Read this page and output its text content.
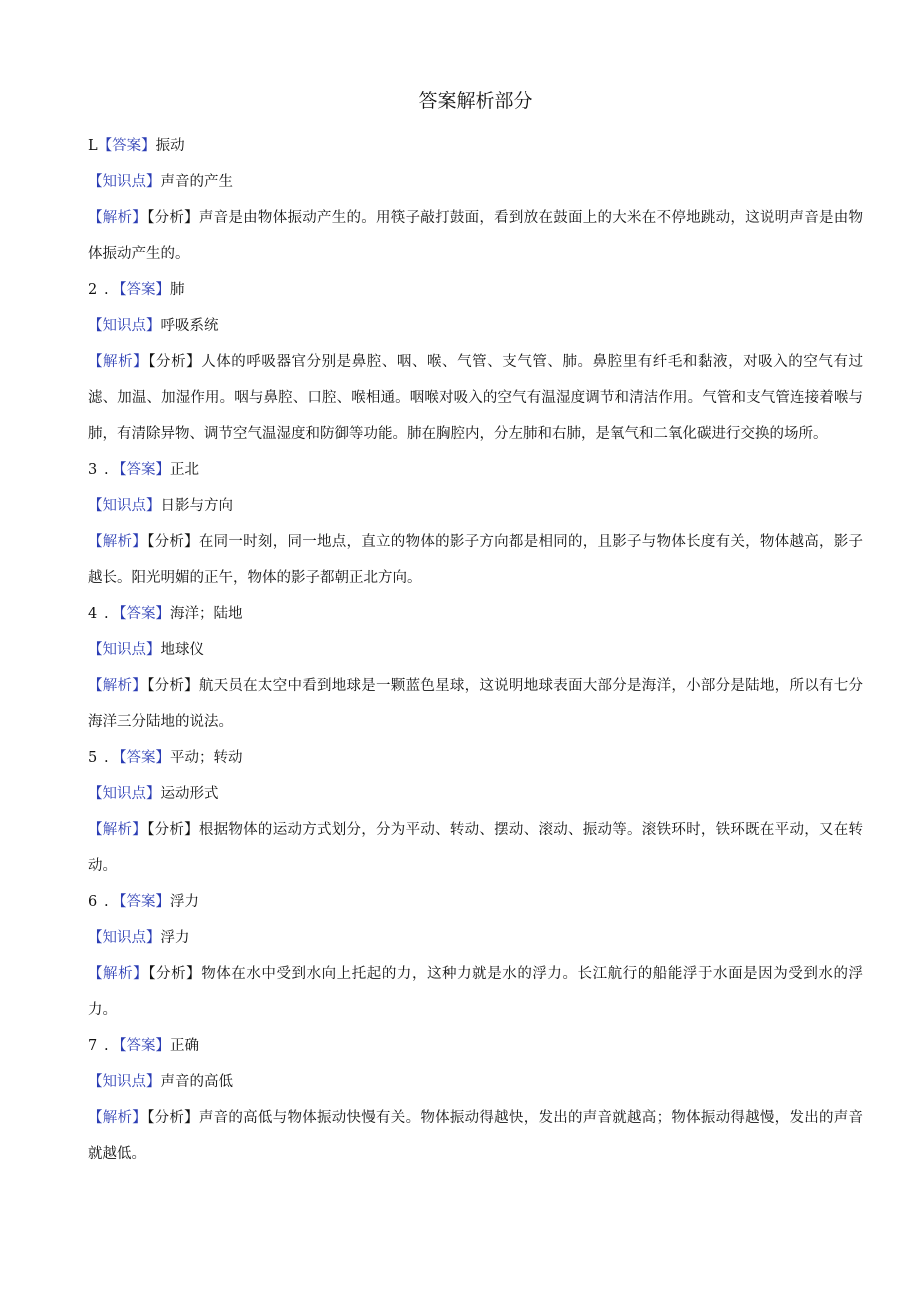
答案解析部分
L【答案】振动
【知识点】声音的产生
【解析】【分析】声音是由物体振动产生的。用筷子敲打鼓面，看到放在鼓面上的大米在不停地跳动，这说明声音是由物体振动产生的。
2 . 【答案】肺
【知识点】呼吸系统
【解析】【分析】人体的呼吸器官分别是鼻腔、咽、喉、气管、支气管、肺。鼻腔里有纤毛和黏液，对吸入的空气有过滤、加温、加湿作用。咽与鼻腔、口腔、喉相通。咽喉对吸入的空气有温湿度调节和清洁作用。气管和支气管连接着喉与肺，有清除异物、调节空气温湿度和防御等功能。肺在胸腔内，分左肺和右肺，是氧气和二氧化碳进行交换的场所。
3 . 【答案】正北
【知识点】日影与方向
【解析】【分析】在同一时刻，同一地点，直立的物体的影子方向都是相同的，且影子与物体长度有关，物体越高，影子越长。阳光明媚的正午，物体的影子都朝正北方向。
4 . 【答案】海洋；陆地
【知识点】地球仪
【解析】【分析】航天员在太空中看到地球是一颗蓝色星球，这说明地球表面大部分是海洋，小部分是陆地，所以有七分海洋三分陆地的说法。
5 . 【答案】平动；转动
【知识点】运动形式
【解析】【分析】根据物体的运动方式划分，分为平动、转动、摆动、滚动、振动等。滚铁环时，铁环既在平动，又在转动。
6 . 【答案】浮力
【知识点】浮力
【解析】【分析】物体在水中受到水向上托起的力，这种力就是水的浮力。长江航行的船能浮于水面是因为受到水的浮力。
7 . 【答案】正确
【知识点】声音的高低
【解析】【分析】声音的高低与物体振动快慢有关。物体振动得越快，发出的声音就越高；物体振动得越慢，发出的声音就越低。
